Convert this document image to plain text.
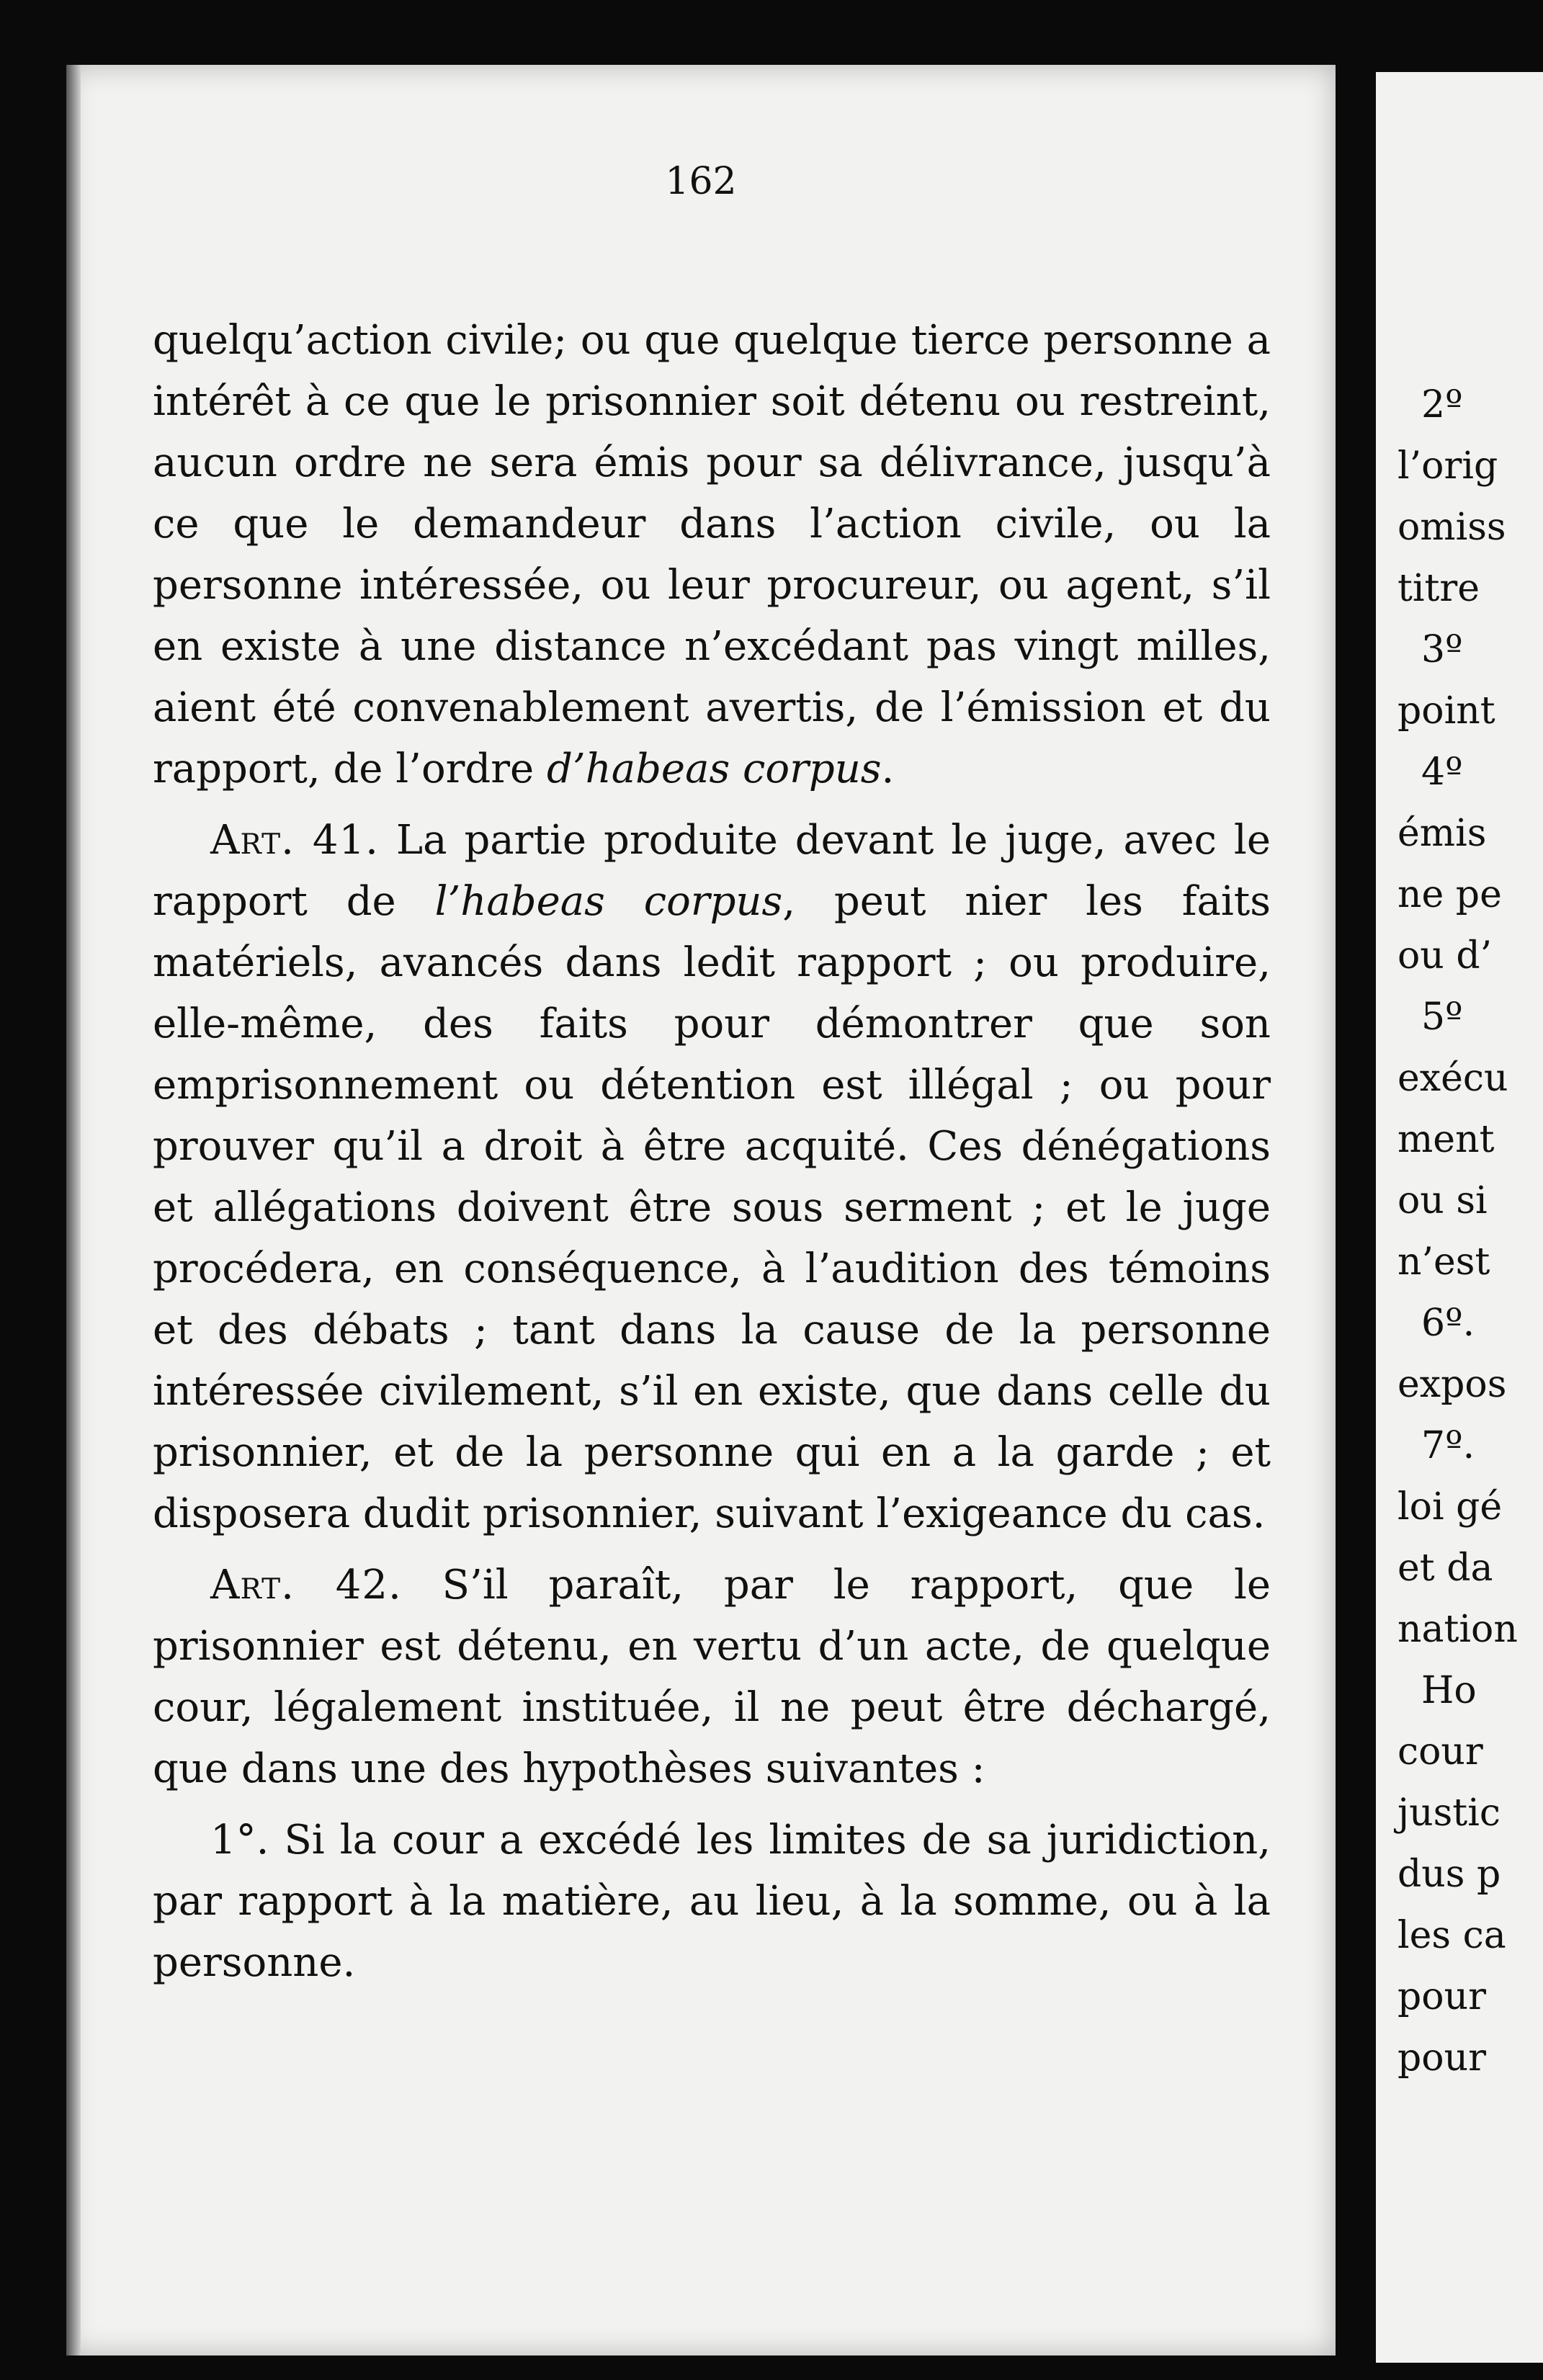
2º
l’orig
omiss
titre
3º
point
4º
émis
ne pe
ou d’
5º
exécu
ment
ou si
n’est
6º.
expos
7º.
loi gé
et da
nation
Ho
cour
justic
dus p
les ca
pour
pour
162

quelqu’action civile; ou que quelque tierce personne a intérêt à ce que le prisonnier soit détenu ou restreint, aucun ordre ne sera émis pour sa délivrance, jusqu’à ce que le demandeur dans l’action civile, ou la personne intéressée, ou leur procureur, ou agent, s’il en existe à une distance n’excédant pas vingt milles, aient été convenablement avertis, de l’émission et du rapport, de l’ordre d’habeas corpus.

Art. 41. La partie produite devant le juge, avec le rapport de l’habeas corpus, peut nier les faits matériels, avancés dans ledit rapport ; ou produire, elle-même, des faits pour démontrer que son emprisonnement ou détention est illégal ; ou pour prouver qu’il a droit à être acquité. Ces dénégations et allégations doivent être sous serment ; et le juge procédera, en conséquence, à l’audition des témoins et des débats ; tant dans la cause de la personne intéressée civilement, s’il en existe, que dans celle du prisonnier, et de la personne qui en a la garde ; et disposera dudit prisonnier, suivant l’exigeance du cas.

Art. 42. S’il paraît, par le rapport, que le prisonnier est détenu, en vertu d’un acte, de quelque cour, légalement instituée, il ne peut être déchargé, que dans une des hypothèses suivantes :

1°. Si la cour a excédé les limites de sa juridiction, par rapport à la matière, au lieu, à la somme, ou à la personne.
